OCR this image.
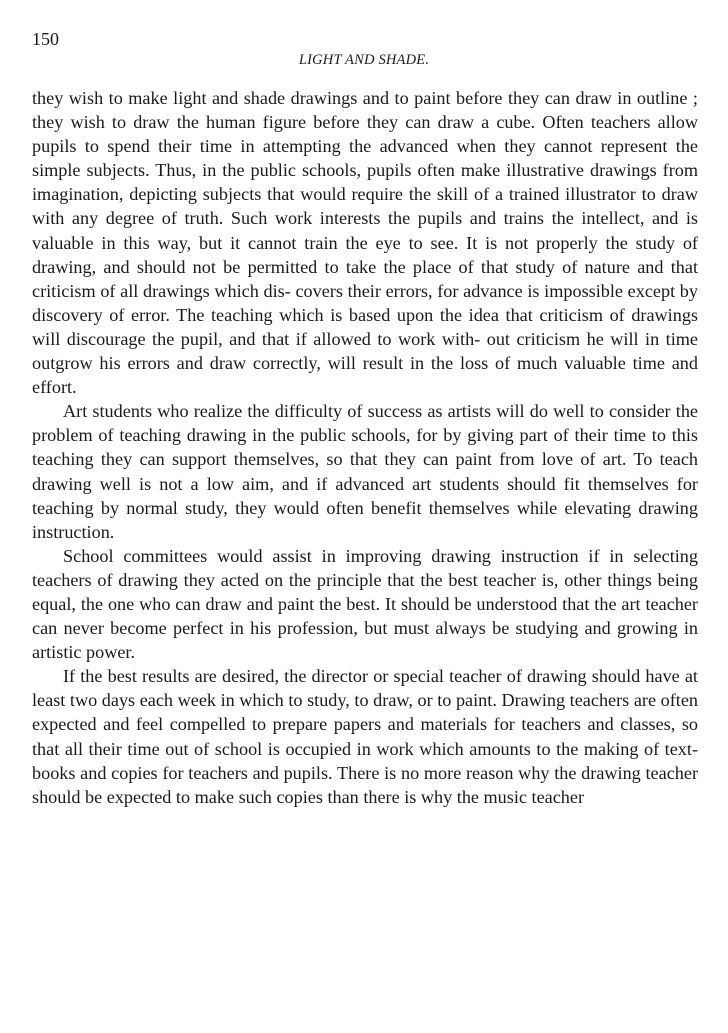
150
LIGHT AND SHADE.

they wish to make light and shade drawings and to paint before they can draw in outline ; they wish to draw the human figure before they can draw a cube. Often teachers allow pupils to spend their time in attempting the advanced when they cannot represent the simple subjects. Thus, in the public schools, pupils often make illustrative drawings from imagination, depicting subjects that would require the skill of a trained illustrator to draw with any degree of truth. Such work interests the pupils and trains the intellect, and is valuable in this way, but it cannot train the eye to see. It is not properly the study of drawing, and should not be permitted to take the place of that study of nature and that criticism of all drawings which dis- covers their errors, for advance is impossible except by discovery of error. The teaching which is based upon the idea that criticism of drawings will discourage the pupil, and that if allowed to work with- out criticism he will in time outgrow his errors and draw correctly, will result in the loss of much valuable time and effort.

Art students who realize the difficulty of success as artists will do well to consider the problem of teaching drawing in the public schools, for by giving part of their time to this teaching they can support themselves, so that they can paint from love of art. To teach drawing well is not a low aim, and if advanced art students should fit themselves for teaching by normal study, they would often benefit themselves while elevating drawing instruction.

School committees would assist in improving drawing instruction if in selecting teachers of drawing they acted on the principle that the best teacher is, other things being equal, the one who can draw and paint the best. It should be understood that the art teacher can never become perfect in his profession, but must always be studying and growing in artistic power.

If the best results are desired, the director or special teacher of drawing should have at least two days each week in which to study, to draw, or to paint. Drawing teachers are often expected and feel compelled to prepare papers and materials for teachers and classes, so that all their time out of school is occupied in work which amounts to the making of text-books and copies for teachers and pupils. There is no more reason why the drawing teacher should be expected to make such copies than there is why the music teacher
